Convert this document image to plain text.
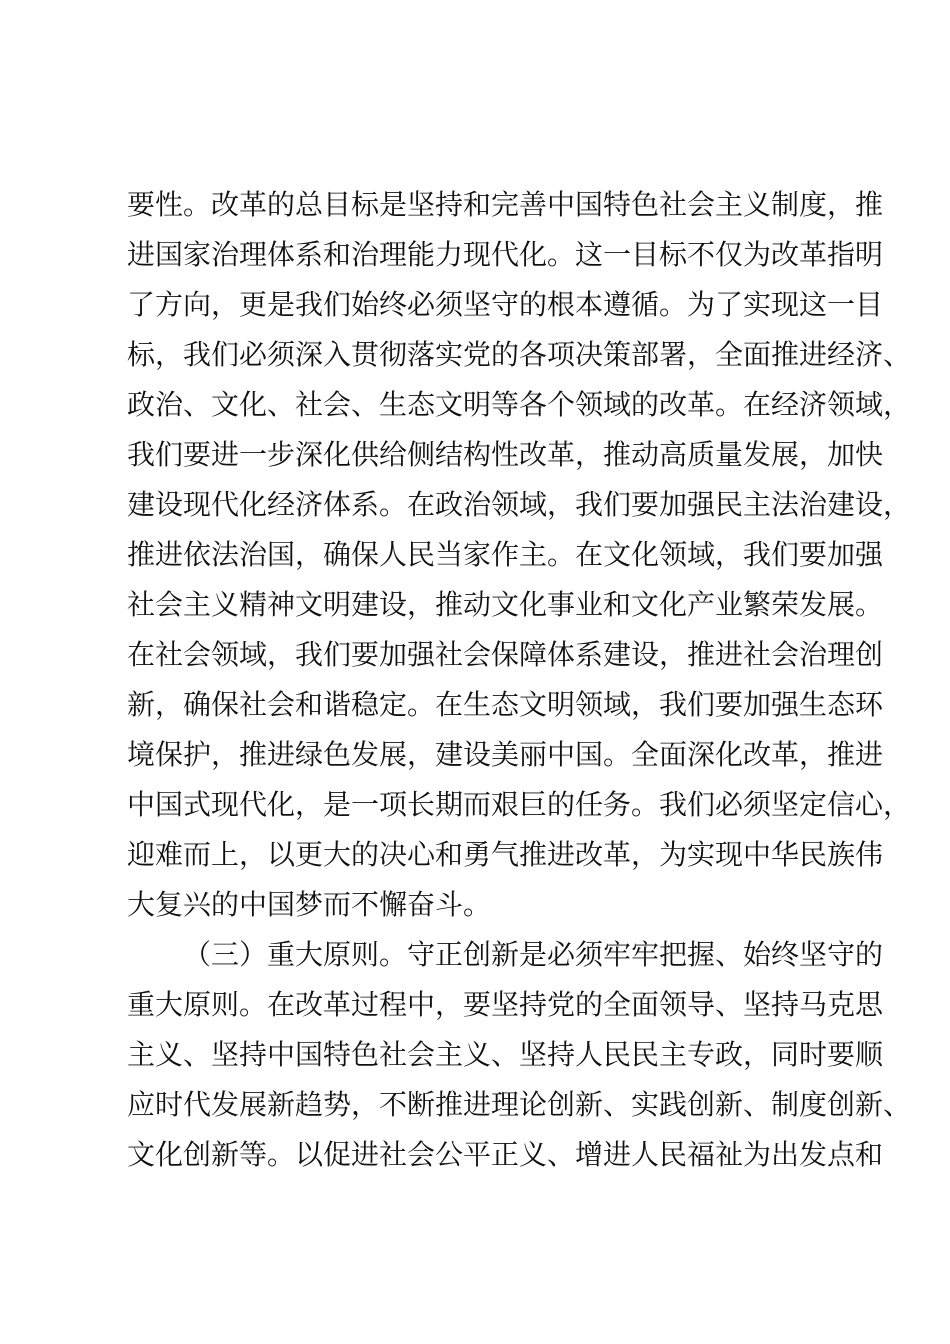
要性。改革的总目标是坚持和完善中国特色社会主义制度，推
进国家治理体系和治理能力现代化。这一目标不仅为改革指明
了方向，更是我们始终必须坚守的根本遵循。为了实现这一目
标，我们必须深入贯彻落实党的各项决策部署，全面推进经济、
政治、文化、社会、生态文明等各个领域的改革。在经济领域，
我们要进一步深化供给侧结构性改革，推动高质量发展，加快
建设现代化经济体系。在政治领域，我们要加强民主法治建设，
推进依法治国，确保人民当家作主。在文化领域，我们要加强
社会主义精神文明建设，推动文化事业和文化产业繁荣发展。
在社会领域，我们要加强社会保障体系建设，推进社会治理创
新，确保社会和谐稳定。在生态文明领域，我们要加强生态环
境保护，推进绿色发展，建设美丽中国。全面深化改革，推进
中国式现代化，是一项长期而艰巨的任务。我们必须坚定信心，
迎难而上，以更大的决心和勇气推进改革，为实现中华民族伟
大复兴的中国梦而不懈奋斗。
（三）重大原则。守正创新是必须牢牢把握、始终坚守的
重大原则。在改革过程中，要坚持党的全面领导、坚持马克思
主义、坚持中国特色社会主义、坚持人民民主专政，同时要顺
应时代发展新趋势，不断推进理论创新、实践创新、制度创新、
文化创新等。以促进社会公平正义、增进人民福祉为出发点和
